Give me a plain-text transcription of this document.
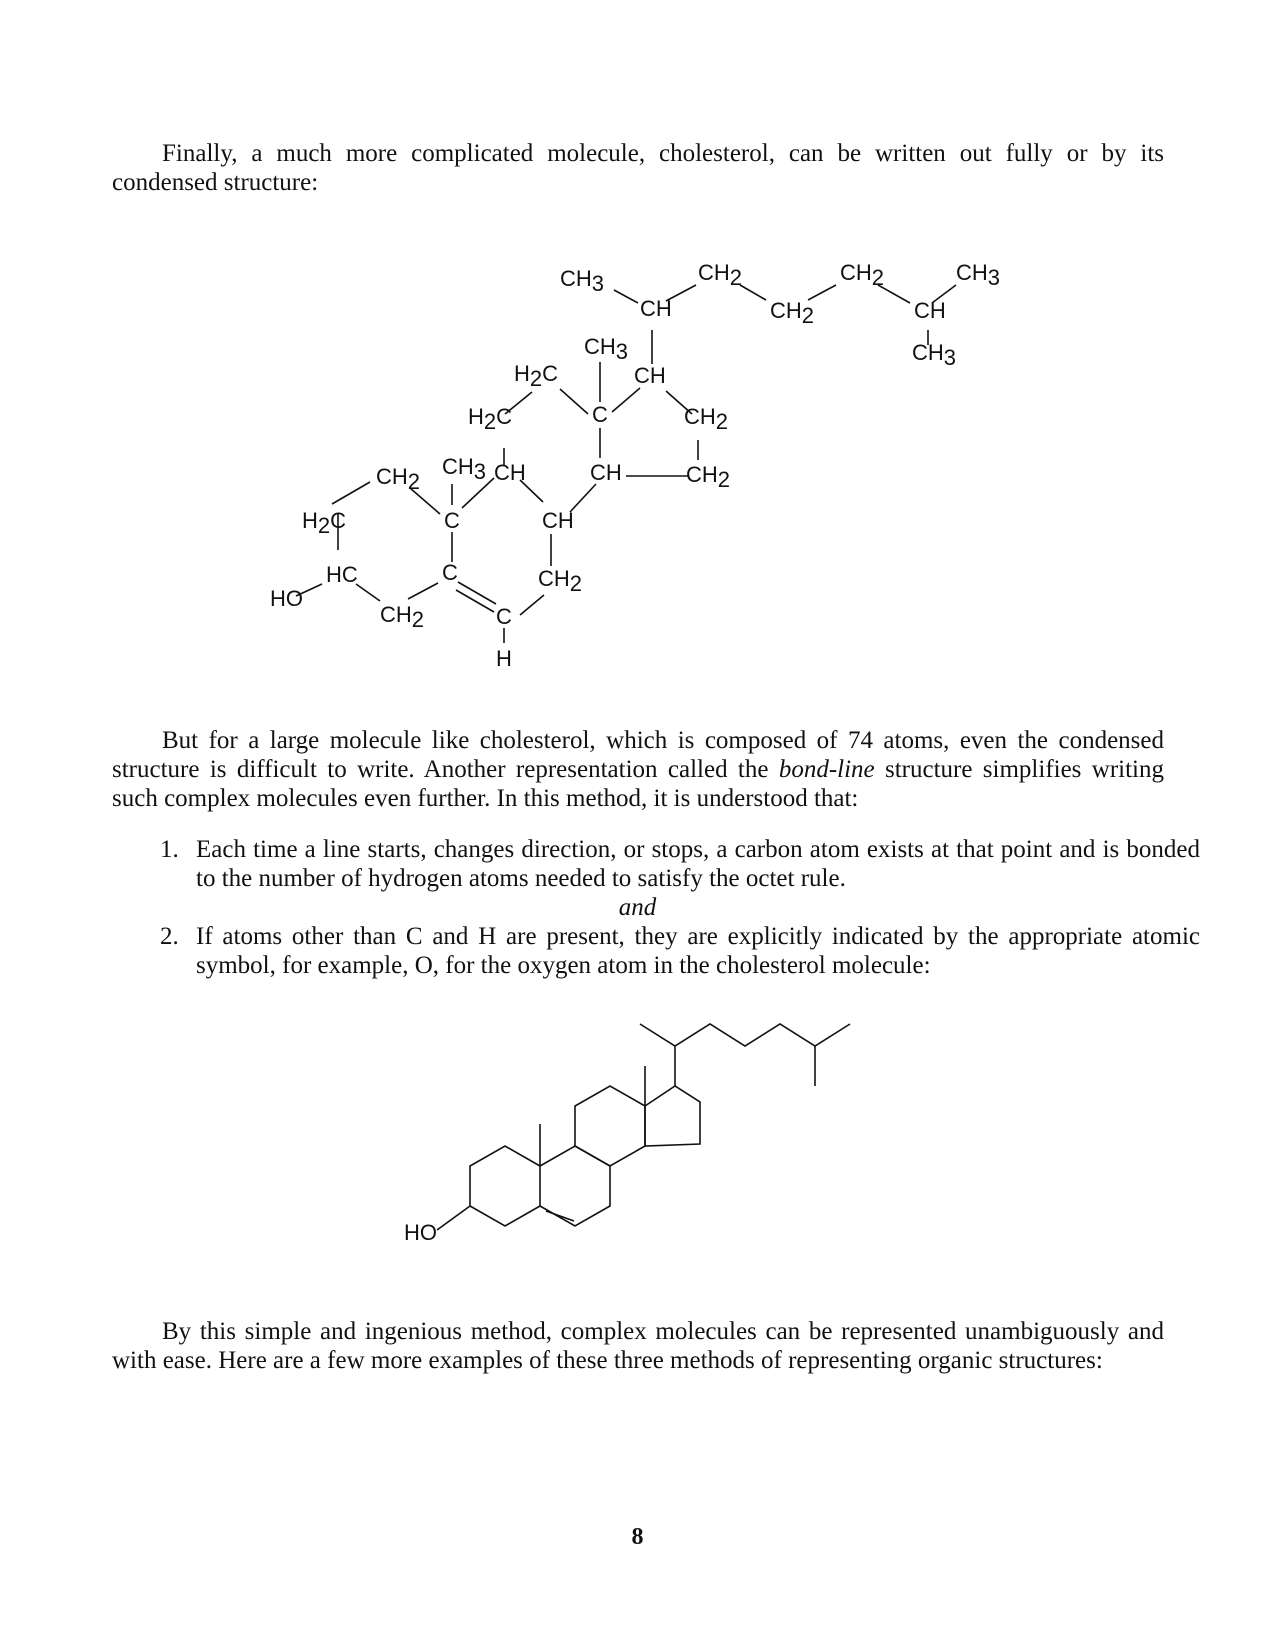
Finally, a much more complicated molecule, cholesterol, can be written out fully or by its condensed structure:

HO
HC
H2C
CH2
CH2
C
CH3
C
C
H
CH
CH
CH2
H2C
H2C
C
CH3
CH
CH2
CH2
CH
CH
CH3	CH2
CH2
CH2
CH
CH3
CH3

But for a large molecule like cholesterol, which is composed of 74 atoms, even the condensed structure is difficult to write. Another representation called the bond-line structure simplifies writing such complex molecules even further. In this method, it is understood that:

1. Each time a line starts, changes direction, or stops, a carbon atom exists at that point and is bonded to the number of hydrogen atoms needed to satisfy the octet rule.
and
2. If atoms other than C and H are present, they are explicitly indicated by the appropriate atomic symbol, for example, O, for the oxygen atom in the cholesterol molecule:
HO

By this simple and ingenious method, complex molecules can be represented unambiguously and with ease. Here are a few more examples of these three methods of representing organic structures:

8
